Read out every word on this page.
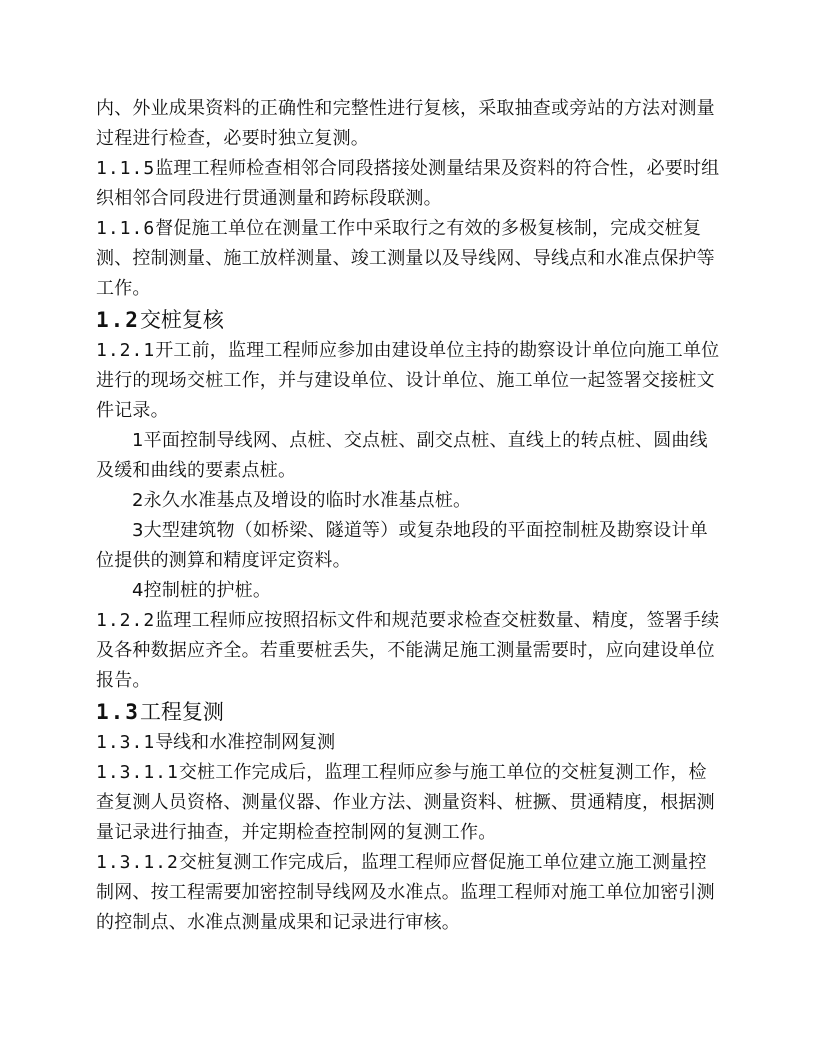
内、外业成果资料的正确性和完整性进行复核，采取抽查或旁站的方法对测量过程进行检查，必要时独立复测。

1.1.5监理工程师检查相邻合同段搭接处测量结果及资料的符合性，必要时组织相邻合同段进行贯通测量和跨标段联测。

1.1.6督促施工单位在测量工作中采取行之有效的多极复核制，完成交桩复测、控制测量、施工放样测量、竣工测量以及导线网、导线点和水准点保护等工作。

1.2交桩复核

1.2.1开工前，监理工程师应参加由建设单位主持的勘察设计单位向施工单位进行的现场交桩工作，并与建设单位、设计单位、施工单位一起签署交接桩文件记录。

1平面控制导线网、点桩、交点桩、副交点桩、直线上的转点桩、圆曲线及缓和曲线的要素点桩。

2永久水准基点及增设的临时水准基点桩。

3大型建筑物（如桥梁、隧道等）或复杂地段的平面控制桩及勘察设计单位提供的测算和精度评定资料。

4控制桩的护桩。

1.2.2监理工程师应按照招标文件和规范要求检查交桩数量、精度，签署手续及各种数据应齐全。若重要桩丢失，不能满足施工测量需要时，应向建设单位报告。

1.3工程复测
1.3.1导线和水准控制网复测

1.3.1.1交桩工作完成后，监理工程师应参与施工单位的交桩复测工作，检查复测人员资格、测量仪器、作业方法、测量资料、桩撅、贯通精度，根据测量记录进行抽查，并定期检查控制网的复测工作。

1.3.1.2交桩复测工作完成后，监理工程师应督促施工单位建立施工测量控制网、按工程需要加密控制导线网及水准点。监理工程师对施工单位加密引测的控制点、水准点测量成果和记录进行审核。
